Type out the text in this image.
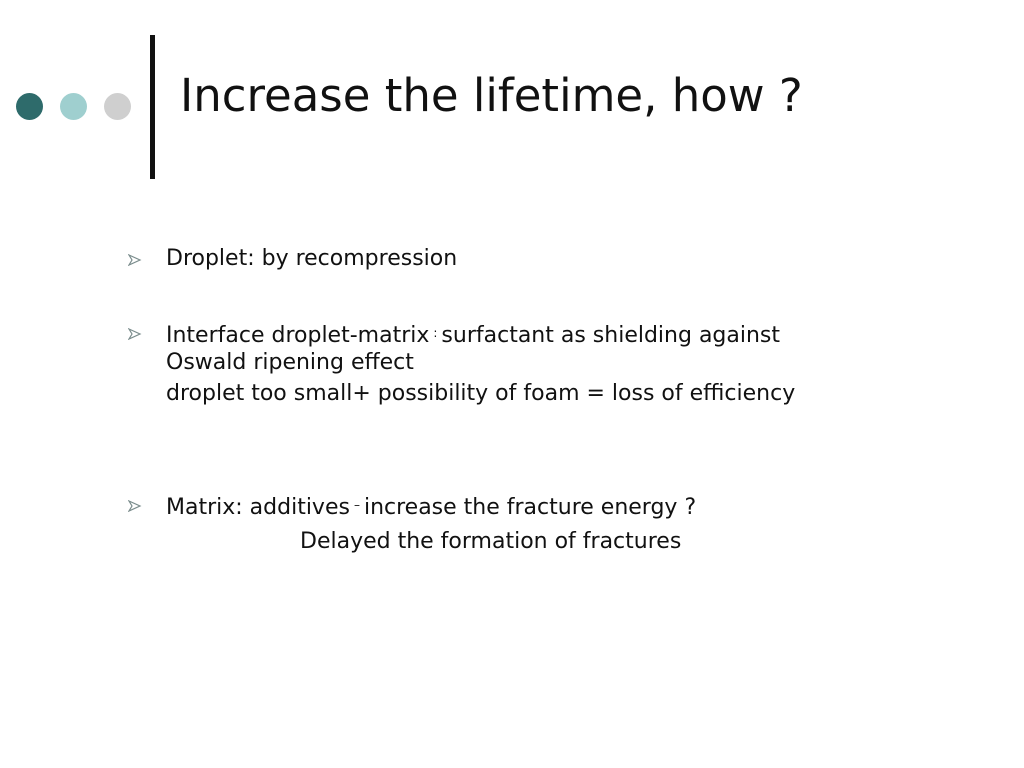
Increase the lifetime, how ?

Droplet: by recompression

Interface droplet-matrix : surfactant as shielding against

Oswald ripening effect

droplet too small+ possibility of foam = loss of efficiency

Matrix: additives – increase the fracture energy ?

Delayed the formation of fractures
